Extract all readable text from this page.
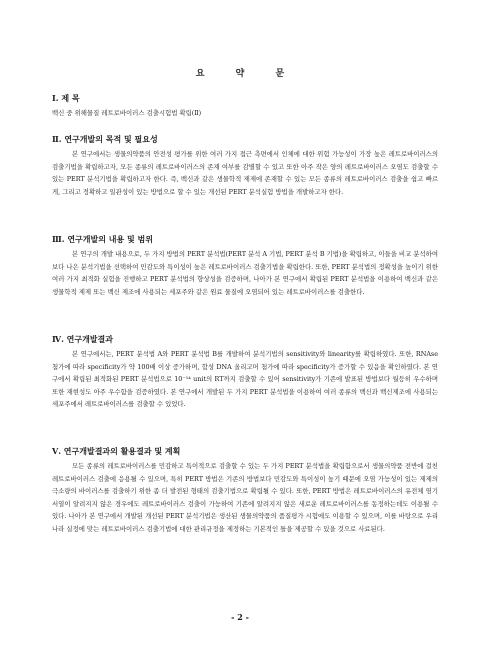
요 약 문

Ⅰ. 제 목

백신 중 위해물질 레트로바이러스 검출시험법 확립(Ⅱ)

Ⅱ. 연구개발의 목적 및 필요성

본 연구에서는 생물의약품의 안전성 평가를 위한 여러 가지 접근 측면에서 인체에 대한 위험 가능성이 가장 높은 레트로바이러스의 검출기법을 확립하고자, 모든 종류의 레트로바이러스의 존재 여부를 감별할 수 있고 또한 아주 작은 양의 레트로바이러스 오염도 검출할 수 있는 PERT 분석기법을 확립하고자 한다. 즉, 백신과 같은 생물학적 제제에 존재할 수 있는 모든 종류의 레트로바이러스 검출을 쉽고 빠르게, 그리고 정확하고 일관성이 있는 방법으로 할 수 있는 개선된 PERT 분석실험 방법을 개발하고자 한다.

Ⅲ. 연구개발의 내용 및 범위

본 연구의 개발 내용으로, 두 가지 방법의 PERT 분석법(PERT 분석 A 기법, PERT 분석 B 기법)을 확립하고, 이들을 비교 분석하여 보다 나은 분석기법을 선택하여 민감도와 특이성이 높은 레트로바이러스 검출기법을 확립한다. 또한, PERT 분석법의 정확성을 높이기 위한 여러 가지 최적화 실험을 진행하고 PERT 분석법의 향상성을 검증하며, 나아가 본 연구에서 확립된 PERT 분석법을 이용하여 백신과 같은 생물학적 제제 또는 백신 제조에 사용되는 세포주와 같은 원료 물질에 오염되어 있는 레트로바이러스를 검출한다.

Ⅳ. 연구개발결과

본 연구에서는, PERT 분석법 A와 PERT 분석법 B를 개발하여 분석기법의 sensitivity와 linearity를 확립하였다. 또한, RNAse 첨가에 따라 specificity가 약 100배 이상 증가하며, 합성 DNA 올리고머 첨가에 따라 specificity가 증가할 수 있음을 확인하였다. 본 연구에서 확립된 최적화된 PERT 분석법으로 10⁻¹⁴ unit의 RT까지 검출할 수 있어 sensitivity가 기존에 발표된 방법보다 월등히 우수하며 또한 재현성도 아주 우수함을 검증하였다. 본 연구에서 개발된 두 가지 PERT 분석법을 이용하여 여러 종류의 백신과 백신제조에 사용되는 세포주에서 레트로바이러스를 검출할 수 있었다.

Ⅴ. 연구개발결과의 활용결과 및 계획

모든 종류의 레트로바이러스를 민감하고 특이적으로 검출할 수 있는 두 가지 PERT 분석법을 확립함으로서 생물의약품 전반에 걸친 레트로바이러스 검출에 응용될 수 있으며, 특히 PERT 방법은 기존의 방법보다 민감도와 특이성이 높기 때문에 오염 가능성이 있는 제제의 극소량의 바이러스를 검출하기 위한 좀 더 발전된 형태의 검출기법으로 확립될 수 있다. 또한, PERT 방법은 레트로바이러스의 유전체 염기서열이 알려지지 않은 경우에도 레트로바이러스 검출이 가능하여 기존에 알려지지 않은 새로운 레트로바이러스를 동정하는데도 이용될 수 있다. 나아가 본 연구에서 개발된 개선된 PERT 분석기법은 생산된 생물의약품의 품질평가 시험에도 이용할 수 있으며, 이를 바탕으로 우리나라 실정에 맞는 레트로바이러스 검출기법에 대한 관리규정을 제정하는 기본적인 틀을 제공할 수 있을 것으로 사료된다.

- 2 -
